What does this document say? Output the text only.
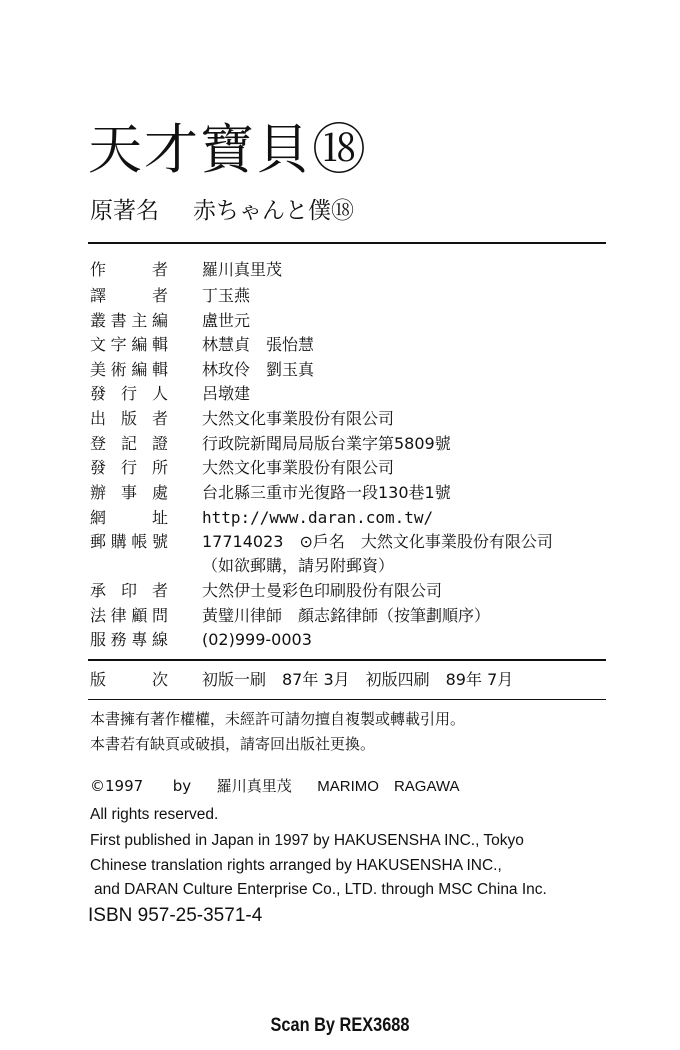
天才寶貝⑱
原著名 赤ちゃんと僕⑱
作 者 羅川真里茂
譯 者 丁玉燕
叢書主編 盧世元
文字編輯 林慧貞　張怡慧
美術編輯 林玫伶　劉玉真
發行人 呂墩建
出版者 大然文化事業股份有限公司
登記證 行政院新聞局局版台業字第5809號
發行所 大然文化事業股份有限公司
辦事處 台北縣三重市光復路一段130巷1號
網 址 http://www.daran.com.tw/
郵購帳號 17714023　⊙戶名　大然文化事業股份有限公司
（如欲郵購，請另附郵資）
承印者 大然伊士曼彩色印刷股份有限公司
法律顧問 黃璧川律師　顏志銘律師（按筆劃順序）
服務專線 (02)999-0003
版 次 初版一刷　87年 3月　初版四刷　89年 7月
本書擁有著作權權，未經許可請勿擅自複製或轉載引用。
本書若有缺頁或破損，請寄回出版社更換。
©1997 by 羅川真里茂 MARIMO　RAGAWA
All rights reserved.
First published in Japan in 1997 by HAKUSENSHA INC., Tokyo
Chinese translation rights arranged by HAKUSENSHA INC.,
and DARAN Culture Enterprise Co., LTD. through MSC China Inc.
ISBN 957-25-3571-4
Scan By REX3688
